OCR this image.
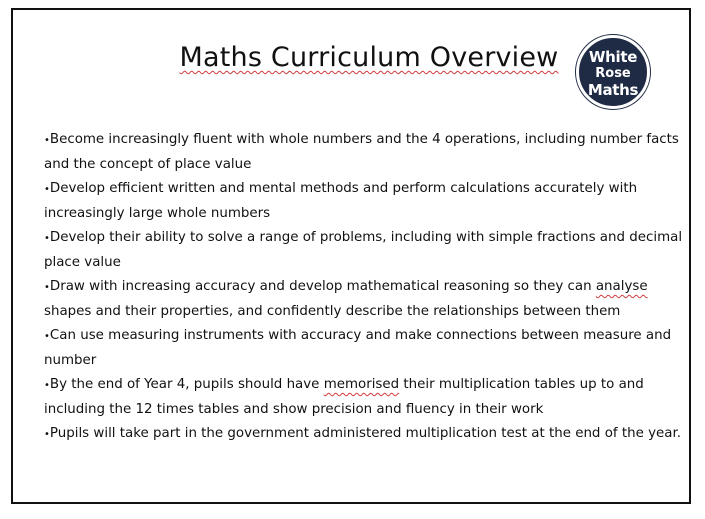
Maths Curriculum Overview	White
Rose
Maths
•Become increasingly fluent with whole numbers and the 4 operations, including number facts and the concept of place value
•Develop efficient written and mental methods and perform calculations accurately with increasingly large whole numbers
•Develop their ability to solve a range of problems, including with simple fractions and decimal place value
•Draw with increasing accuracy and develop mathematical reasoning so they can analyse shapes and their properties, and confidently describe the relationships between them
•Can use measuring instruments with accuracy and make connections between measure and number
•By the end of Year 4, pupils should have memorised their multiplication tables up to and including the 12 times tables and show precision and fluency in their work
•Pupils will take part in the government administered multiplication test at the end of the year.
